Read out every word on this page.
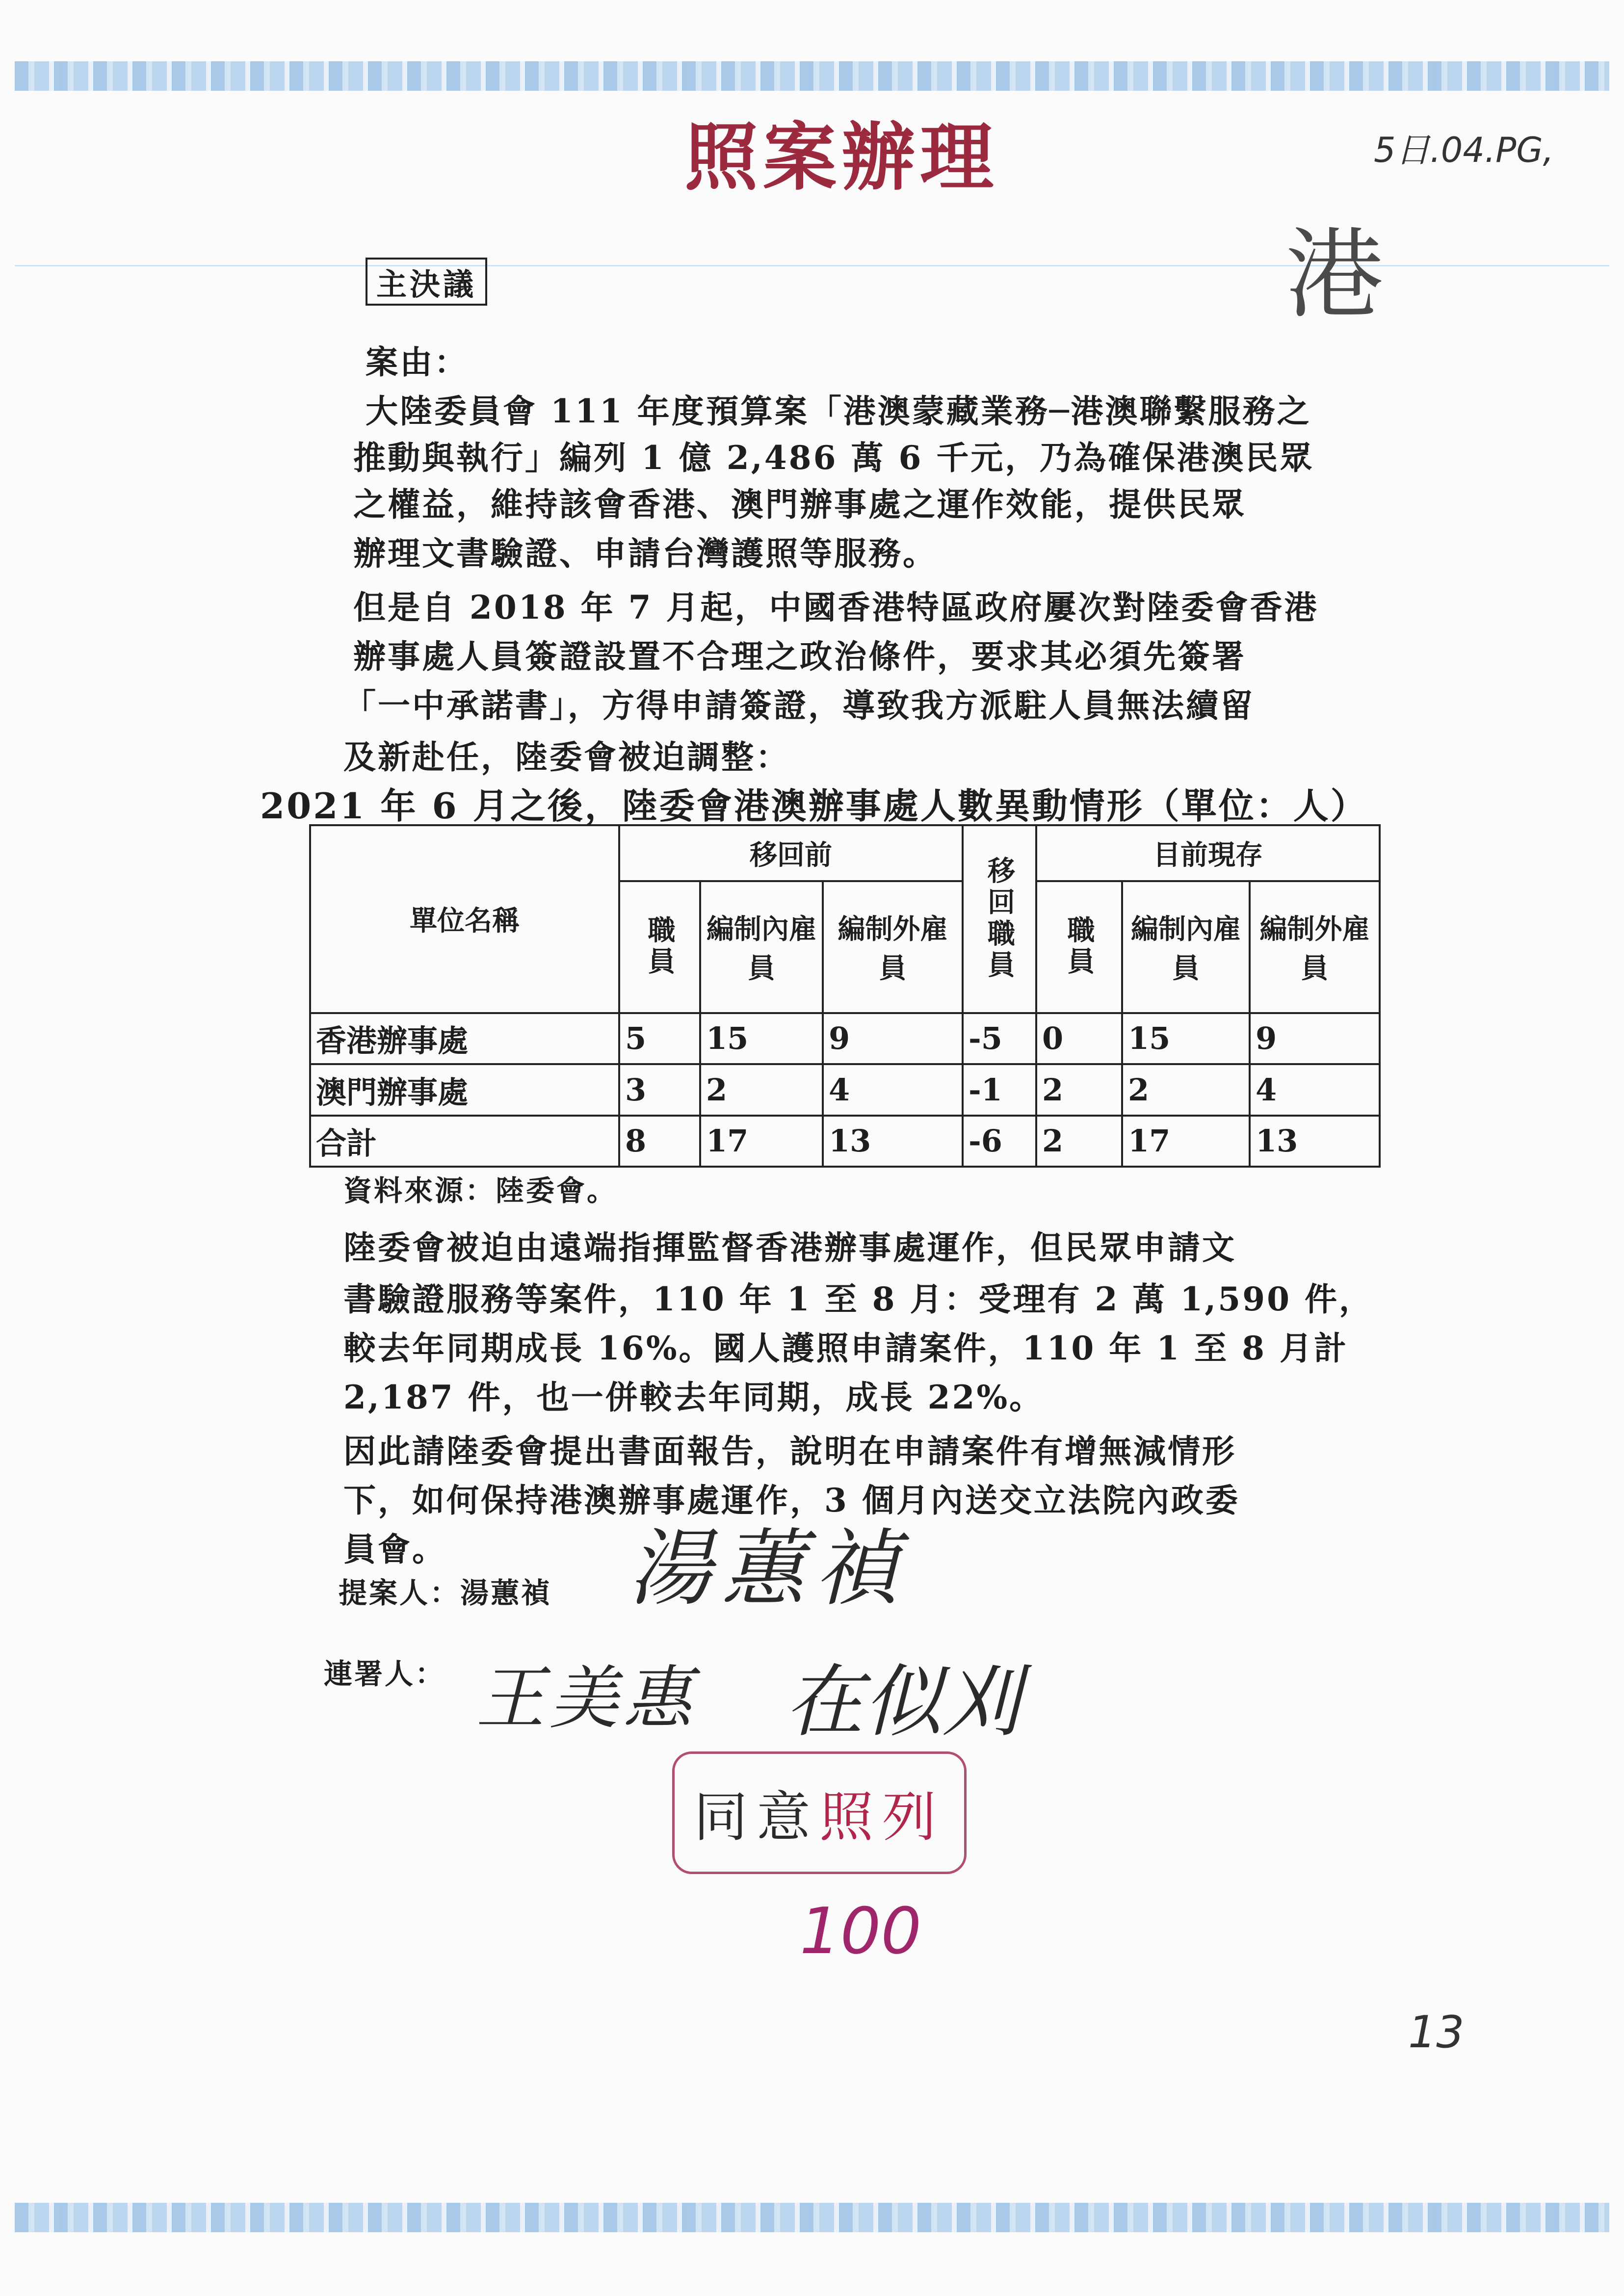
照案辦理	5日.04.PG,
港
主決議
案由：
大陸委員會 111 年度預算案「港澳蒙藏業務─港澳聯繫服務之
推動與執行」編列 1 億 2,486 萬 6 千元，乃為確保港澳民眾
之權益，維持該會香港、澳門辦事處之運作效能，提供民眾
辦理文書驗證、申請台灣護照等服務。
但是自 2018 年 7 月起，中國香港特區政府屢次對陸委會香港
辦事處人員簽證設置不合理之政治條件，要求其必須先簽署
「一中承諾書」，方得申請簽證，導致我方派駐人員無法續留
及新赴任，陸委會被迫調整：
2021 年 6 月之後，陸委會港澳辦事處人數異動情形（單位：人）
單位名稱	移回前			移回職員	目前現存		

	職員	編制內雇員	編制外雇員		職員	編制內雇員	編制外雇員
香港辦事處	5	15	9	-5	0	15	9
澳門辦事處	3	2	4	-1	2	2	4
合計	8	17	13	-6	2	17	13
資料來源：陸委會。
陸委會被迫由遠端指揮監督香港辦事處運作，但民眾申請文
書驗證服務等案件，110 年 1 至 8 月：受理有 2 萬 1,590 件，
較去年同期成長 16%。國人護照申請案件，110 年 1 至 8 月計
2,187 件，也一併較去年同期，成長 22%。
因此請陸委會提出書面報告，說明在申請案件有增無減情形
下，如何保持港澳辦事處運作，3 個月內送交立法院內政委
員會。
提案人：湯蕙禎 湯蕙禎
連署人： 王美惠 在似刈
同意照列
100
13
